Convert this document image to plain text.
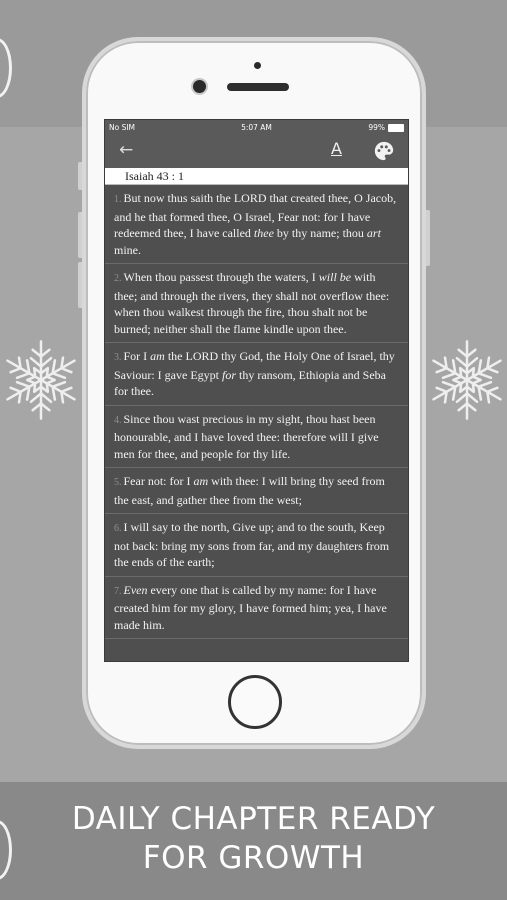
No SIM	5:07 AM	99%
←	A
Isaiah 43 : 1
1. But now thus saith the LORD that created thee, O Jacob, and he that formed thee, O Israel, Fear not: for I have redeemed thee, I have called thee by thy name; thou art mine.
2. When thou passest through the waters, I will be with thee; and through the rivers, they shall not overflow thee: when thou walkest through the fire, thou shalt not be burned; neither shall the flame kindle upon thee.
3. For I am the LORD thy God, the Holy One of Israel, thy Saviour: I gave Egypt for thy ransom, Ethiopia and Seba for thee.
4. Since thou wast precious in my sight, thou hast been honourable, and I have loved thee: therefore will I give men for thee, and people for thy life.
5. Fear not: for I am with thee: I will bring thy seed from the east, and gather thee from the west;
6. I will say to the north, Give up; and to the south, Keep not back: bring my sons from far, and my daughters from the ends of the earth;
7. Even every one that is called by my name: for I have created him for my glory, I have formed him; yea, I have made him.
DAILY CHAPTER READY
FOR GROWTH
